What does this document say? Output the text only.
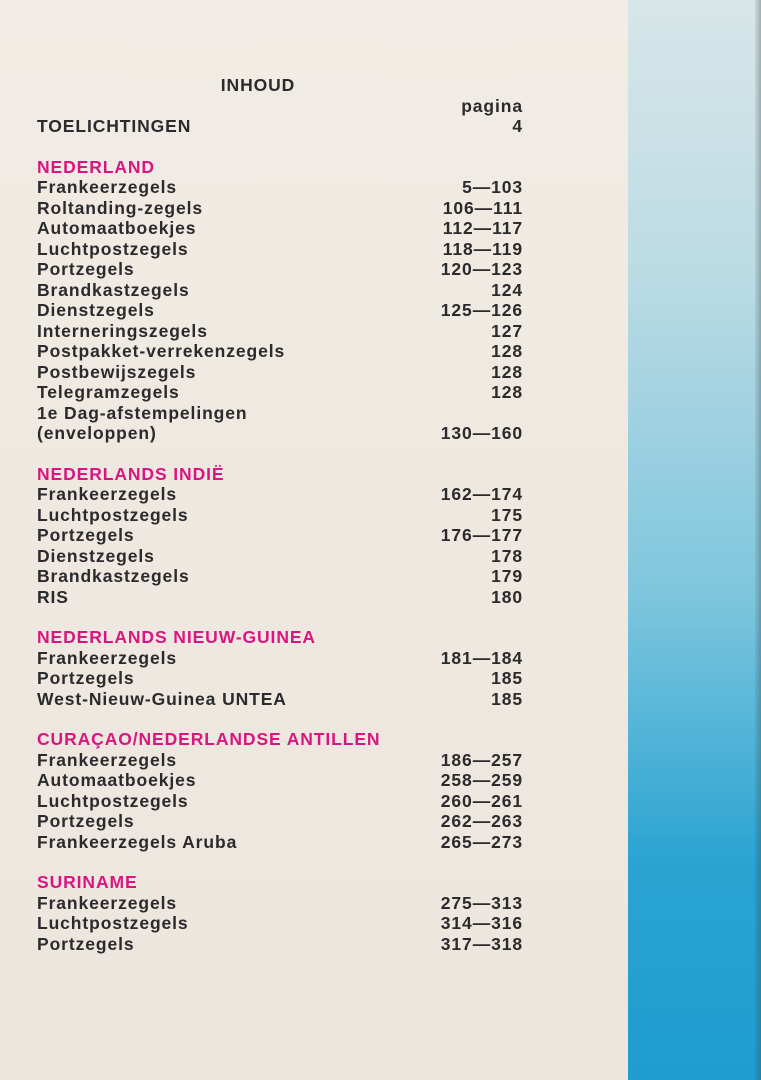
INHOUD
pagina
TOELICHTINGEN	4
NEDERLAND
Frankeerzegels	5—103
Roltanding-zegels	106—111
Automaatboekjes	112—117
Luchtpostzegels	118—119
Portzegels	120—123
Brandkastzegels	124
Dienstzegels	125—126
Interneringszegels	127
Postpakket-verrekenzegels	128
Postbewijszegels	128
Telegramzegels	128
1e Dag-afstempelingen
(enveloppen)	130—160
NEDERLANDS INDIË
Frankeerzegels	162—174
Luchtpostzegels	175
Portzegels	176—177
Dienstzegels	178
Brandkastzegels	179
RIS	180
NEDERLANDS NIEUW-GUINEA
Frankeerzegels	181—184
Portzegels	185
West-Nieuw-Guinea UNTEA	185
CURAÇAO/NEDERLANDSE ANTILLEN
Frankeerzegels	186—257
Automaatboekjes	258—259
Luchtpostzegels	260—261
Portzegels	262—263
Frankeerzegels Aruba	265—273
SURINAME
Frankeerzegels	275—313
Luchtpostzegels	314—316
Portzegels	317—318
